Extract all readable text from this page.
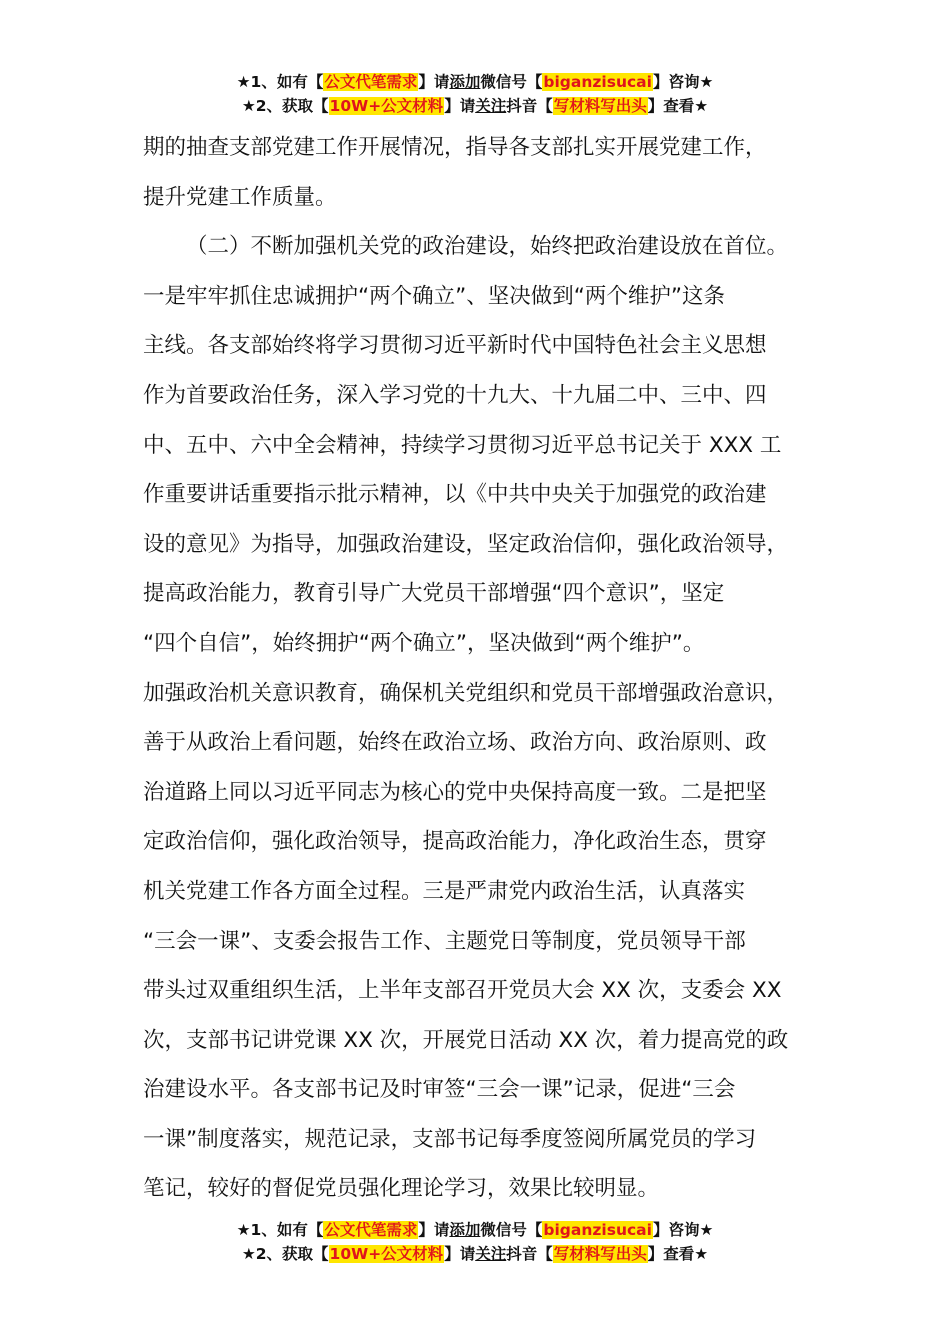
★1、如有【公文代笔需求】请添加微信号【biganzisucai】咨询★
★2、获取【10W+公文材料】请关注抖音【写材料写出头】查看★
期的抽查支部党建工作开展情况，指导各支部扎实开展党建工作，
提升党建工作质量。
（二）不断加强机关党的政治建设，始终把政治建设放在首位。
一是牢牢抓住忠诚拥护“两个确立”、坚决做到“两个维护”这条
主线。各支部始终将学习贯彻习近平新时代中国特色社会主义思想
作为首要政治任务，深入学习党的十九大、十九届二中、三中、四
中、五中、六中全会精神，持续学习贯彻习近平总书记关于 XXX 工
作重要讲话重要指示批示精神，以《中共中央关于加强党的政治建
设的意见》为指导，加强政治建设，坚定政治信仰，强化政治领导，
提高政治能力，教育引导广大党员干部增强“四个意识”，坚定
“四个自信”，始终拥护“两个确立”，坚决做到“两个维护”。
加强政治机关意识教育，确保机关党组织和党员干部增强政治意识，
善于从政治上看问题，始终在政治立场、政治方向、政治原则、政
治道路上同以习近平同志为核心的党中央保持高度一致。二是把坚
定政治信仰，强化政治领导，提高政治能力，净化政治生态，贯穿
机关党建工作各方面全过程。三是严肃党内政治生活，认真落实
“三会一课”、支委会报告工作、主题党日等制度，党员领导干部
带头过双重组织生活，上半年支部召开党员大会 XX 次，支委会 XX
次，支部书记讲党课 XX 次，开展党日活动 XX 次，着力提高党的政
治建设水平。各支部书记及时审签“三会一课”记录，促进“三会
一课”制度落实，规范记录，支部书记每季度签阅所属党员的学习
笔记，较好的督促党员强化理论学习，效果比较明显。
★1、如有【公文代笔需求】请添加微信号【biganzisucai】咨询★
★2、获取【10W+公文材料】请关注抖音【写材料写出头】查看★
